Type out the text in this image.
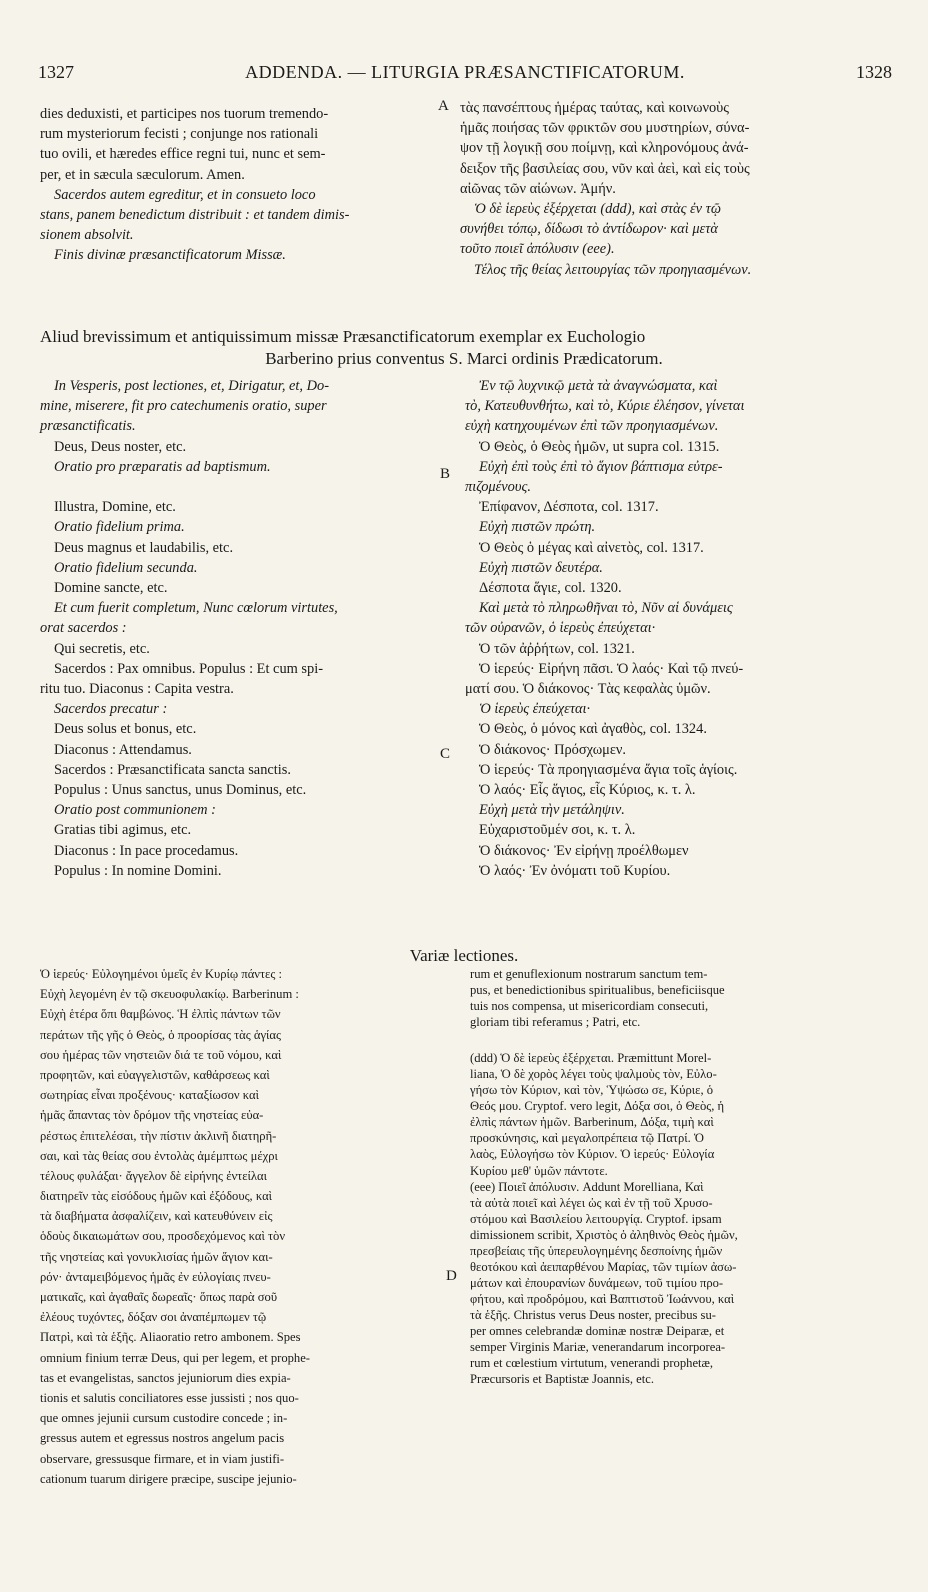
1327	ADDENDA. — LITURGIA PRÆSANCTIFICATORUM.	1328

dies deduxisti, et participes nos tuorum tremendo-

rum mysteriorum fecisti ; conjunge nos rationali

tuo ovili, et hæredes effice regni tui, nunc et sem-

per, et in sæcula sæculorum. Amen.

Sacerdos autem egreditur, et in consueto loco

stans, panem benedictum distribuit : et tandem dimis-

sionem absolvit.

Finis divinæ præsanctificatorum Missæ.

τὰς πανσέπτους ἡμέρας ταύτας, καὶ κοινωνοὺς

ἡμᾶς ποιήσας τῶν φρικτῶν σου μυστηρίων, σύνα-

ψον τῇ λογικῇ σου ποίμνῃ, καὶ κληρονόμους ἀνά-

δειξον τῆς βασιλείας σου, νῦν καὶ ἀεὶ, καὶ εἰς τοὺς

αἰῶνας τῶν αἰώνων. Ἀμήν.

Ὁ δὲ ἱερεὺς ἐξέρχεται (ddd), καὶ στὰς ἐν τῷ

συνήθει τόπῳ, δίδωσι τὸ ἀντίδωρον· καὶ μετὰ

τοῦτο ποιεῖ ἀπόλυσιν (eee).

Τέλος τῆς θείας λειτουργίας τῶν προηγιασμένων.

A
Aliud brevissimum et antiquissimum missæ Præsanctificatorum exemplar ex Euchologio
Barberino prius conventus S. Marci ordinis Prædicatorum.

In Vesperis, post lectiones, et, Dirigatur, et, Do-

mine, miserere, fit pro catechumenis oratio, super

præsanctificatis.

Deus, Deus noster, etc.

Oratio pro præparatis ad baptismum.

Illustra, Domine, etc.

Oratio fidelium prima.

Deus magnus et laudabilis, etc.

Oratio fidelium secunda.

Domine sancte, etc.

Et cum fuerit completum, Nunc cœlorum virtutes,

orat sacerdos :

Qui secretis, etc.

Sacerdos : Pax omnibus. Populus : Et cum spi-

ritu tuo. Diaconus : Capita vestra.

Sacerdos precatur :

Deus solus et bonus, etc.

Diaconus : Attendamus.

Sacerdos : Præsanctificata sancta sanctis.

Populus : Unus sanctus, unus Dominus, etc.

Oratio post communionem :

Gratias tibi agimus, etc.

Diaconus : In pace procedamus.

Populus : In nomine Domini.

Ἐν τῷ λυχνικῷ μετὰ τὰ ἀναγνώσματα, καὶ

τὸ, Κατευθυνθήτω, καὶ τὸ, Κύριε ἐλέησον, γίνεται

εὐχὴ κατηχουμένων ἐπὶ τῶν προηγιασμένων.

Ὁ Θεὸς, ὁ Θεὸς ἡμῶν, ut supra col. 1315.

Εὐχὴ ἐπὶ τοὺς ἐπὶ τὸ ἅγιον βάπτισμα εὐτρε-

πιζομένους.

Ἐπίφανον, Δέσποτα, col. 1317.

Εὐχὴ πιστῶν πρώτη.

Ὁ Θεὸς ὁ μέγας καὶ αἰνετὸς, col. 1317.

Εὐχὴ πιστῶν δευτέρα.

Δέσποτα ἅγιε, col. 1320.

Καὶ μετὰ τὸ πληρωθῆναι τὸ, Νῦν αἱ δυνάμεις

τῶν οὐρανῶν, ὁ ἱερεὺς ἐπεύχεται·

Ὁ τῶν ἀῤῥήτων, col. 1321.

Ὁ ἱερεύς· Εἰρήνη πᾶσι. Ὁ λαός· Καὶ τῷ πνεύ-

ματί σου. Ὁ διάκονος· Τὰς κεφαλὰς ὑμῶν.

Ὁ ἱερεὺς ἐπεύχεται·

Ὁ Θεὸς, ὁ μόνος καὶ ἀγαθὸς, col. 1324.

Ὁ διάκονος· Πρόσχωμεν.

Ὁ ἱερεύς· Τὰ προηγιασμένα ἅγια τοῖς ἁγίοις.

Ὁ λαός· Εἷς ἅγιος, εἷς Κύριος, κ. τ. λ.

Εὐχὴ μετὰ τὴν μετάληψιν.

Εὐχαριστοῦμέν σοι, κ. τ. λ.

Ὁ διάκονος· Ἐν εἰρήνῃ προέλθωμεν

Ὁ λαός· Ἐν ὀνόματι τοῦ Κυρίου.

B
C
Variæ lectiones.

Ὁ ἱερεύς· Εὐλογημένοι ὑμεῖς ἐν Κυρίῳ πάντες :

Εὐχὴ λεγομένη ἐν τῷ σκευοφυλακίῳ. Barberinum :

Εὐχὴ ἑτέρα ὅπι θαμβώνος. Ἡ ἐλπὶς πάντων τῶν

περάτων τῆς γῆς ὁ Θεὸς, ὁ προορίσας τὰς ἁγίας

σου ἡμέρας τῶν νηστειῶν διά τε τοῦ νόμου, καὶ

προφητῶν, καὶ εὐαγγελιστῶν, καθάρσεως καὶ

σωτηρίας εἶναι προξένους· καταξίωσον καὶ

ἡμᾶς ἅπαντας τὸν δρόμον τῆς νηστείας εὐα-

ρέστως ἐπιτελέσαι, τὴν πίστιν ἀκλινῆ διατηρῆ-

σαι, καὶ τὰς θείας σου ἐντολὰς ἀμέμπτως μέχρι

τέλους φυλάξαι· ἄγγελον δὲ εἰρήνης ἐντείλαι

διατηρεῖν τὰς εἰσόδους ἡμῶν καὶ ἐξόδους, καὶ

τὰ διαβήματα ἀσφαλίζειν, καὶ κατευθύνειν εἰς

ὁδοὺς δικαιωμάτων σου, προσδεχόμενος καὶ τὸν

τῆς νηστείας καὶ γονυκλισίας ἡμῶν ἅγιον και-

ρόν· ἀνταμειβόμενος ἡμᾶς ἐν εὐλογίαις πνευ-

ματικαῖς, καὶ ἀγαθαῖς δωρεαῖς· ὅπως παρὰ σοῦ

ἐλέους τυχόντες, δόξαν σοι ἀναπέμπωμεν τῷ

Πατρὶ, καὶ τὰ ἑξῆς. Aliaoratio retro ambonem. Spes

omnium finium terræ Deus, qui per legem, et prophe-

tas et evangelistas, sanctos jejuniorum dies expia-

tionis et salutis conciliatores esse jussisti ; nos quo-

que omnes jejunii cursum custodire concede ; in-

gressus autem et egressus nostros angelum pacis

observare, gressusque firmare, et in viam justifi-

cationum tuarum dirigere præcipe, suscipe jejunio-

rum et genuflexionum nostrarum sanctum tem-

pus, et benedictionibus spiritualibus, beneficiisque

tuis nos compensa, ut misericordiam consecuti,

gloriam tibi referamus ; Patri, etc.

(ddd) Ὁ δὲ ἱερεὺς ἐξέρχεται. Præmittunt Morel-

liana, Ὁ δὲ χορὸς λέγει τοὺς ψαλμοὺς τὸν, Εὐλο-

γήσω τὸν Κύριον, καὶ τὸν, Ὑψώσω σε, Κύριε, ὁ

Θεός μου. Cryptof. vero legit, Δόξα σοι, ὁ Θεὸς, ἡ

ἐλπὶς πάντων ἡμῶν. Barberinum, Δόξα, τιμὴ καὶ

προσκύνησις, καὶ μεγαλοπρέπεια τῷ Πατρί. Ὁ

λαὸς, Εὐλογήσω τὸν Κύριον. Ὁ ἱερεύς· Εὐλογία

Κυρίου μεθ' ὑμῶν πάντοτε.

(eee) Ποιεῖ ἀπόλυσιν. Addunt Morelliana, Καὶ

τὰ αὐτὰ ποιεῖ καὶ λέγει ὡς καὶ ἐν τῇ τοῦ Χρυσο-

στόμου καὶ Βασιλείου λειτουργίᾳ. Cryptof. ipsam

dimissionem scribit, Χριστὸς ὁ ἀληθινὸς Θεὸς ἡμῶν,

πρεσβείαις τῆς ὑπερευλογημένης δεσποίνης ἡμῶν

θεοτόκου καὶ ἀειπαρθένου Μαρίας, τῶν τιμίων ἀσω-

μάτων καὶ ἐπουρανίων δυνάμεων, τοῦ τιμίου προ-

φήτου, καὶ προδρόμου, καὶ Βαπτιστοῦ Ἰωάννου, καὶ

τὰ ἑξῆς. Christus verus Deus noster, precibus su-

per omnes celebrandæ dominæ nostræ Deiparæ, et

semper Virginis Mariæ, venerandarum incorporea-

rum et cœlestium virtutum, venerandi prophetæ,

Præcursoris et Baptistæ Joannis, etc.

D
